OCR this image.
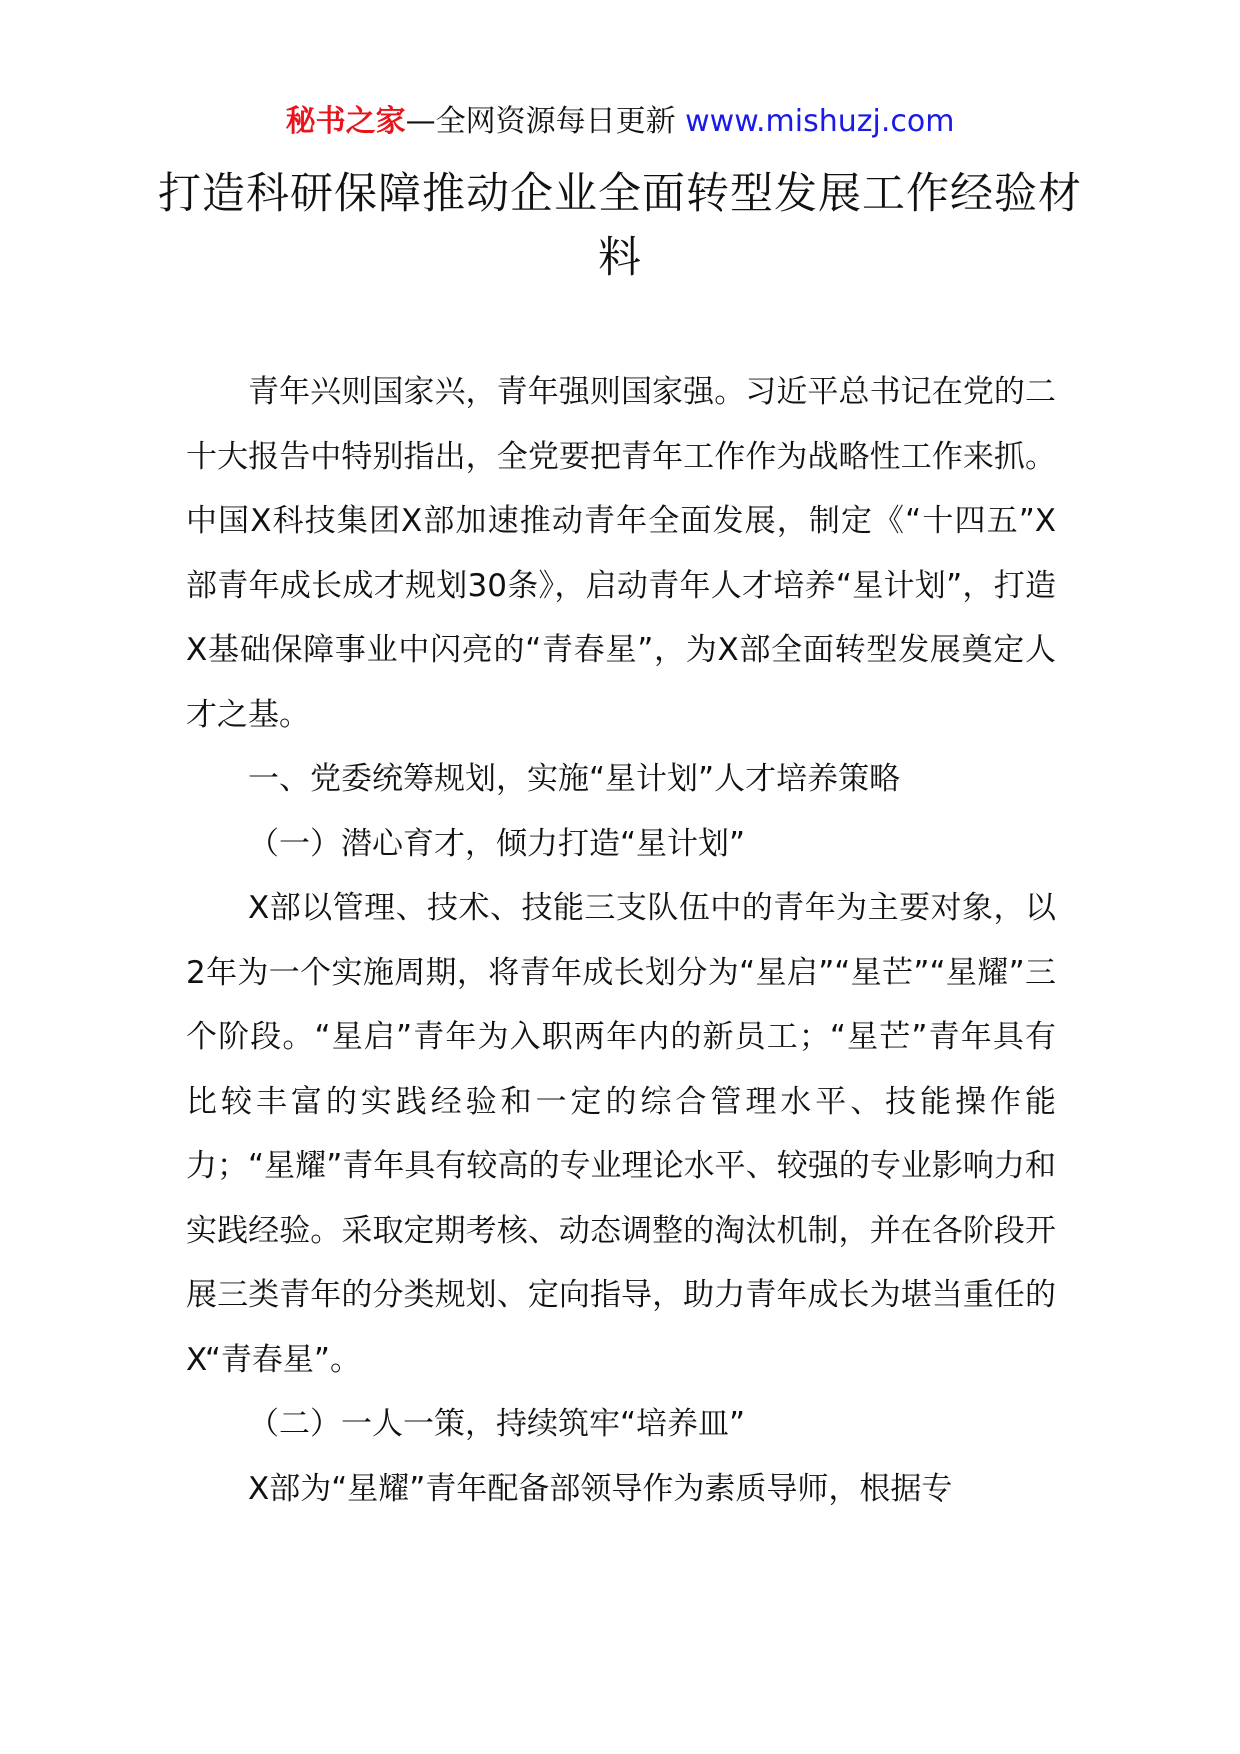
秘书之家—全网资源每日更新 www.mishuzj.com
打造科研保障推动企业全面转型发展工作经验材料

青年兴则国家兴，青年强则国家强。习近平总书记在党的二十大报告中特别指出，全党要把青年工作作为战略性工作来抓。中国X科技集团X部加速推动青年全面发展，制定《“十四五”X部青年成长成才规划30条》，启动青年人才培养“星计划”，打造X基础保障事业中闪亮的“青春星”，为X部全面转型发展奠定人才之基。

一、党委统筹规划，实施“星计划”人才培养策略

（一）潜心育才，倾力打造“星计划”

X部以管理、技术、技能三支队伍中的青年为主要对象，以2年为一个实施周期，将青年成长划分为“星启”“星芒”“星耀”三个阶段。“星启”青年为入职两年内的新员工；“星芒”青年具有比较丰富的实践经验和一定的综合管理水平、技能操作能力；“星耀”青年具有较高的专业理论水平、较强的专业影响力和实践经验。采取定期考核、动态调整的淘汰机制，并在各阶段开展三类青年的分类规划、定向指导，助力青年成长为堪当重任的X“青春星”。

（二）一人一策，持续筑牢“培养皿”

X部为“星耀”青年配备部领导作为素质导师，根据专
